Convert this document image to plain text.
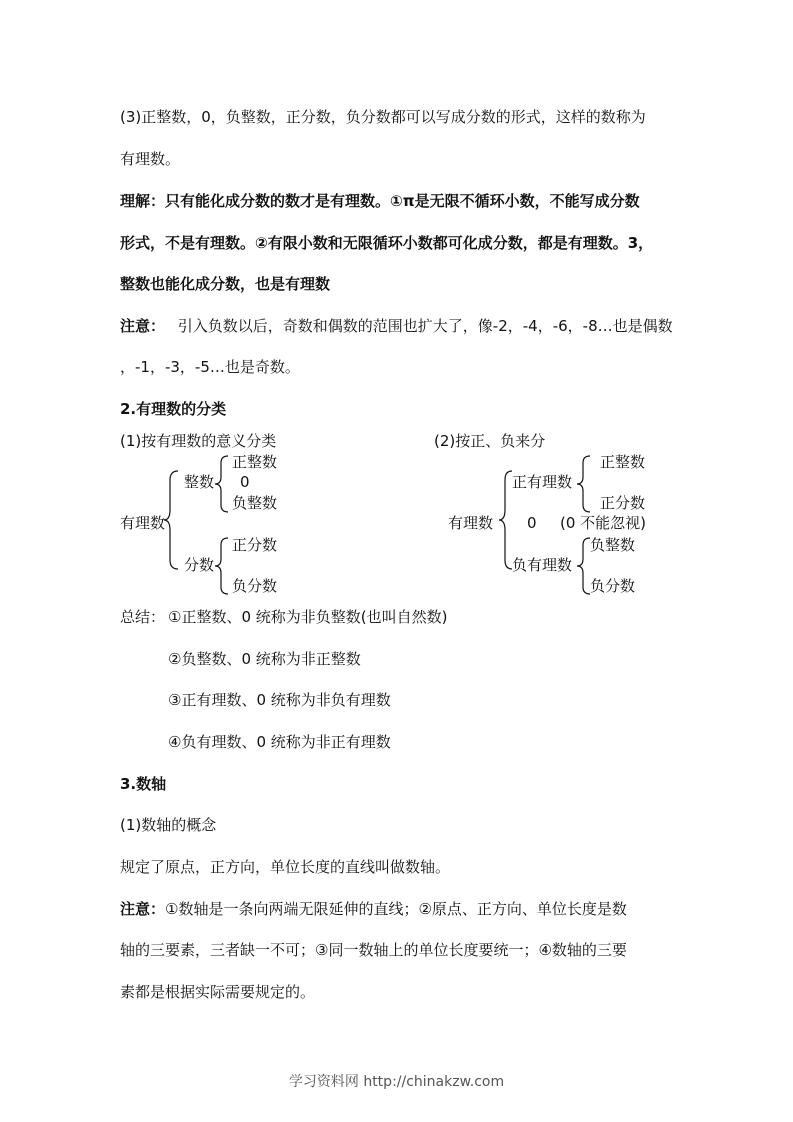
(3)正整数，0，负整数，正分数，负分数都可以写成分数的形式，这样的数称为
有理数。
理解：只有能化成分数的数才是有理数。①π是无限不循环小数，不能写成分数
形式，不是有理数。②有限小数和无限循环小数都可化成分数，都是有理数。3，
整数也能化成分数，也是有理数
注意： 引入负数以后，奇数和偶数的范围也扩大了，像-2，-4，-6，-8…也是偶数
，-1，-3，-5…也是奇数。
2.有理数的分类
(1)按有理数的意义分类
有理数
整数
正整数
0
负整数
分数
正分数
负分数
(2)按正、负来分
有理数
正有理数
正整数
正分数
0 (0 不能忽视)
负有理数
负整数
负分数
总结： ①正整数、0 统称为非负整数(也叫自然数)
②负整数、0 统称为非正整数
③正有理数、0 统称为非负有理数
④负有理数、0 统称为非正有理数
3.数轴
(1)数轴的概念
规定了原点，正方向，单位长度的直线叫做数轴。
注意：①数轴是一条向两端无限延伸的直线；②原点、正方向、单位长度是数
轴的三要素，三者缺一不可；③同一数轴上的单位长度要统一；④数轴的三要
素都是根据实际需要规定的。
学习资料网 http://chinakzw.com
